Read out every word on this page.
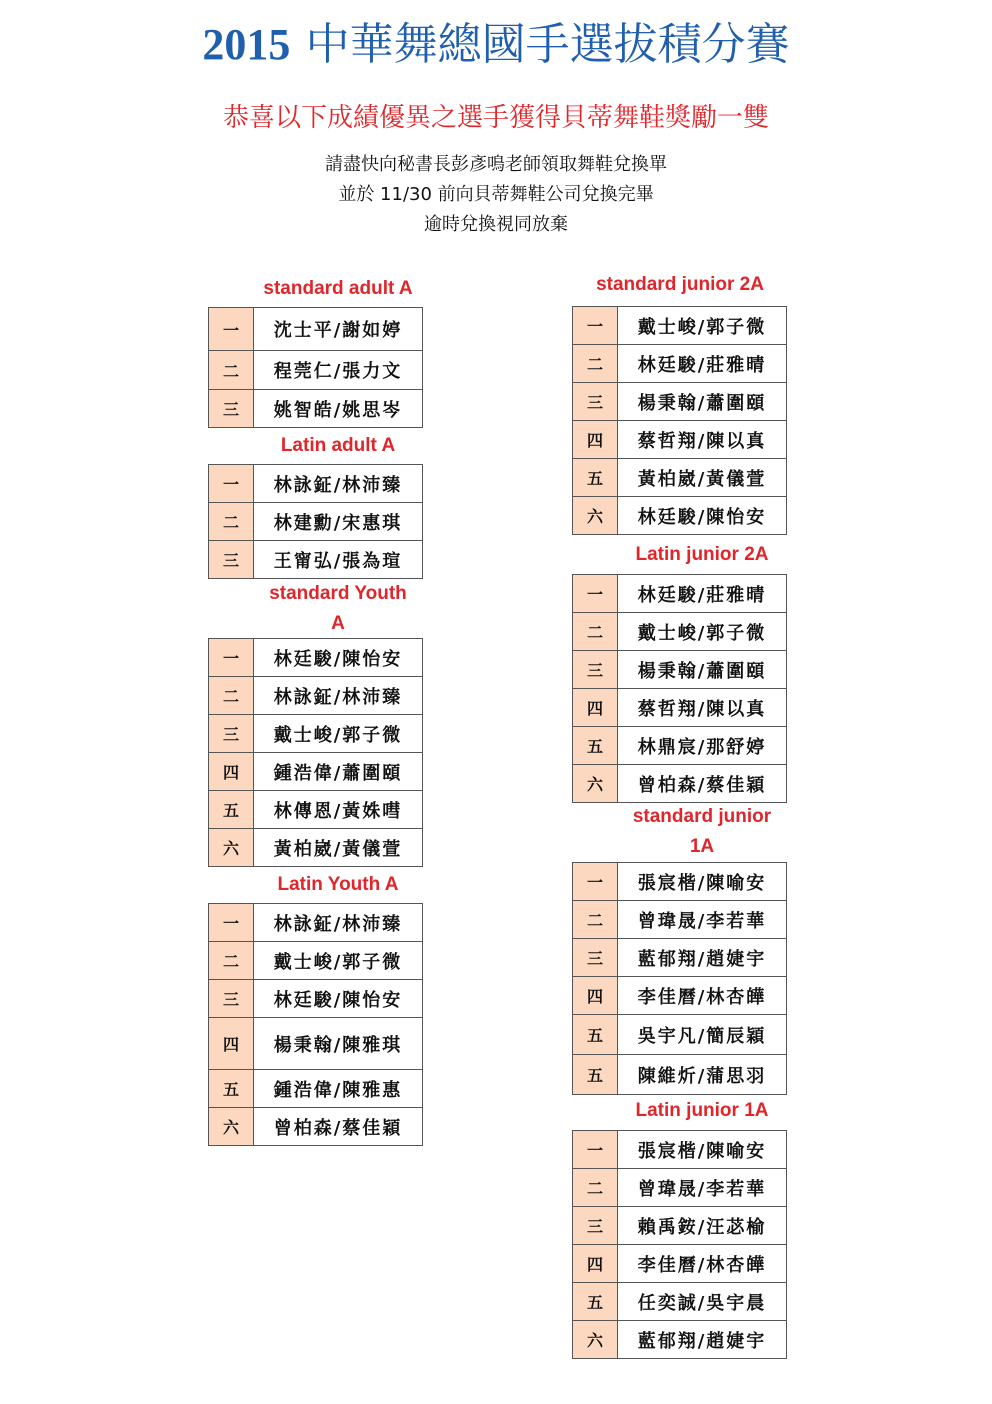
2015 中華舞總國手選拔積分賽
恭喜以下成績優異之選手獲得貝蒂舞鞋獎勵一雙
請盡快向秘書長彭彥鳴老師領取舞鞋兌換單
並於 11/30 前向貝蒂舞鞋公司兌換完畢
逾時兌換視同放棄
standard adult A
一	沈士平/謝如婷
二	程莞仁/張力文
三	姚智皓/姚思岑
Latin adult A
一	林詠鉦/林沛臻
二	林建勳/宋惠琪
三	王甯弘/張為瑄
standard Youth
A
一	林廷駿/陳怡安
二	林詠鉦/林沛臻
三	戴士峻/郭子微
四	鍾浩偉/蕭圍頤
五	林傳恩/黃姝嘒
六	黃柏崴/黃儀萱
Latin Youth A
一	林詠鉦/林沛臻
二	戴士峻/郭子微
三	林廷駿/陳怡安
四	楊秉翰/陳雅琪
五	鍾浩偉/陳雅惠
六	曾柏森/蔡佳穎
standard junior 2A
一	戴士峻/郭子微
二	林廷駿/莊雅晴
三	楊秉翰/蕭圍頤
四	蔡哲翔/陳以真
五	黃柏崴/黃儀萱
六	林廷駿/陳怡安
Latin junior 2A
一	林廷駿/莊雅晴
二	戴士峻/郭子微
三	楊秉翰/蕭圍頤
四	蔡哲翔/陳以真
五	林鼎宸/那舒婷
六	曾柏森/蔡佳穎
standard junior
1A
一	張宸楷/陳喻安
二	曾瑋晟/李若華
三	藍郁翔/趙婕宇
四	李佳曆/林杏皣
五	吳宇凡/簡辰穎
五	陳維炘/蒲思羽
Latin junior 1A
一	張宸楷/陳喻安
二	曾瑋晟/李若華
三	賴禹銨/汪苾榆
四	李佳曆/林杏皣
五	任奕誠/吳宇晨
六	藍郁翔/趙婕宇
